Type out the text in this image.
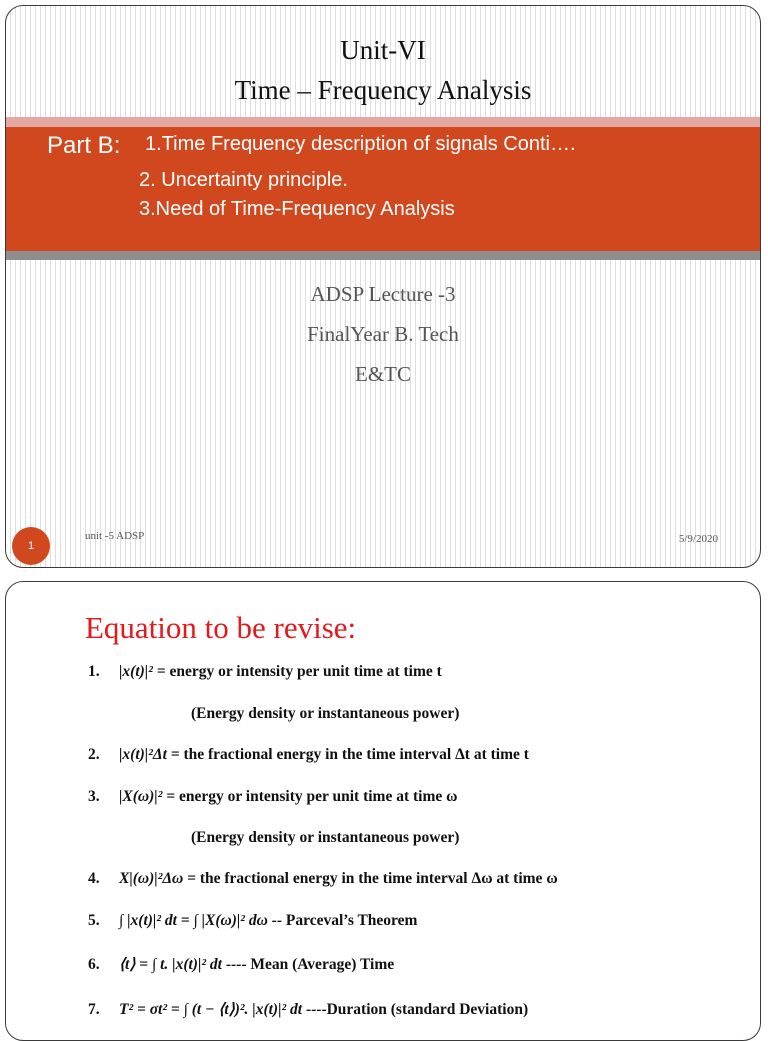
Unit-VI
Time – Frequency Analysis
Part B: 1.Time Frequency description of signals Conti….
2. Uncertainty principle.
3.Need of Time-Frequency Analysis
ADSP Lecture -3
FinalYear B. Tech
E&TC
1
unit -5 ADSP	5/9/2020
Equation to be revise:
1. |x(t)|² = energy or intensity per unit time at time t
(Energy density or instantaneous power)
2. |x(t)|²Δt = the fractional energy in the time interval Δt at time t
3. |X(ω)|² = energy or intensity per unit time at time ω
(Energy density or instantaneous power)
4. X|(ω)|²Δω = the fractional energy in the time interval Δω at time ω
5. ∫ |x(t)|² dt = ∫ |X(ω)|² dω -- Parceval’s Theorem
6. ⟨t⟩ = ∫ t. |x(t)|² dt ---- Mean (Average) Time
7. T² = σt² = ∫ (t − ⟨t⟩)². |x(t)|² dt ----Duration (standard Deviation)
